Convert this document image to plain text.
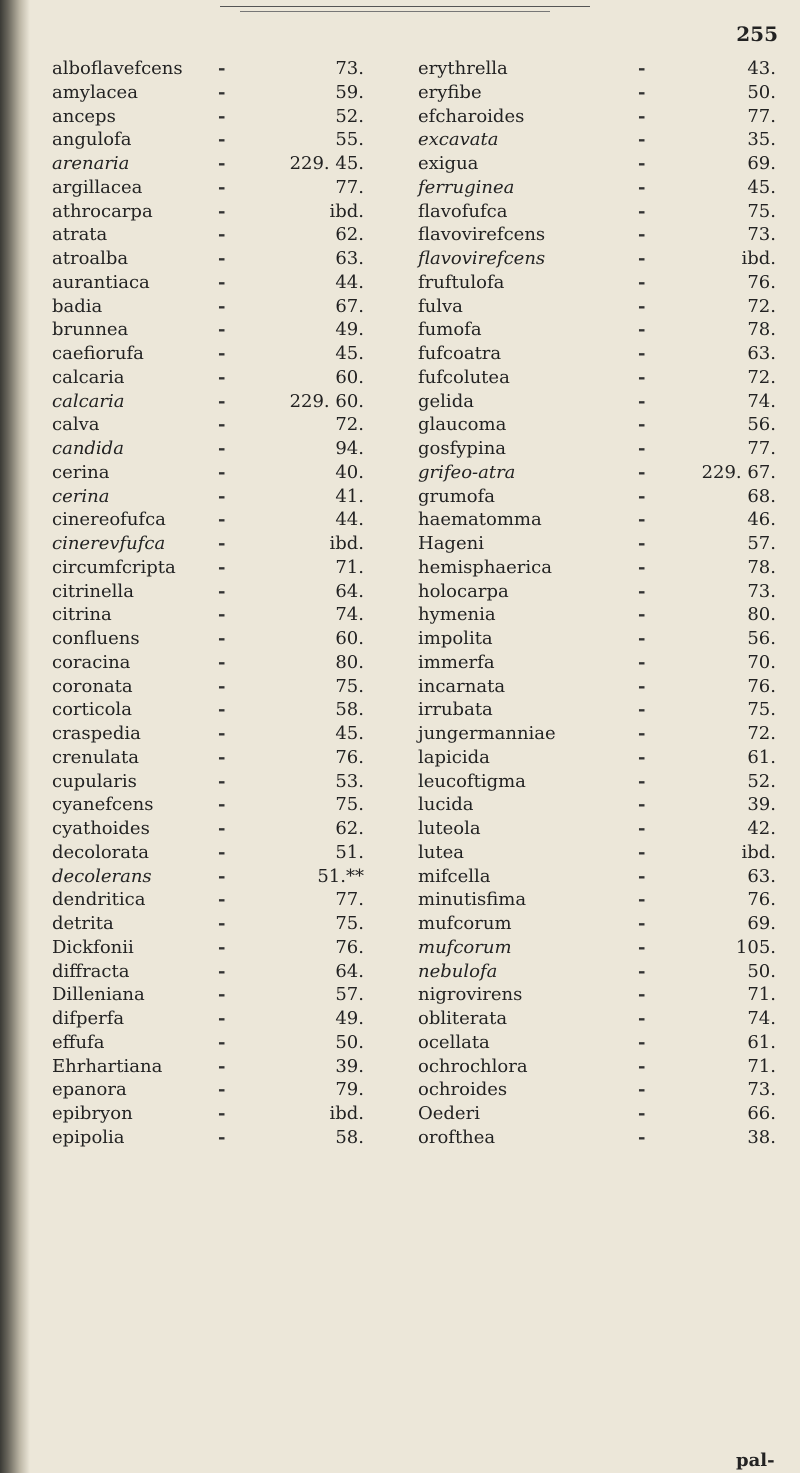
255
alboflavefcens -	73.
amylacea	-	59.
anceps	-	52.
angulofa	-	55.
arenaria	-	229. 45.
argillacea	-	77.
athrocarpa	-	ibd.
atrata	-	62.
atroalba	-	63.
aurantiaca	-	44.
badia	-	67.
brunnea	-	49.
caefiorufa	-	45.
calcaria	-	60.
calcaria	-	229. 60.
calva	-	72.
candida	-	94.
cerina	-	40.
cerina	-	41.
cinereofufca	-	44.
cinerevfufca	-	ibd.
circumfcripta -	71.
citrinella	-	64.
citrina	-	74.
confluens	-	60.
coracina	-	80.
coronata	-	75.
corticola	-	58.
craspedia	-	45.
crenulata	-	76.
cupularis	-	53.
cyanefcens	-	75.
cyathoides	-	62.
decolorata	-	51.
decolerans	-	51.**
dendritica	-	77.
detrita	-	75.
Dickfonii	-	76.
diffracta	-	64.
Dilleniana	-	57.
difperfa	-	49.
effufa	-	50.
Ehrhartiana	-	39.
epanora	-	79.
epibryon	-	ibd.
epipolia	-	58.
erythrella	-	43.
eryfibe	-	50.
efcharoides	-	77.
excavata	-	35.
exigua	-	69.
ferruginea	-	45.
flavofufca	-	75.
flavovirefcens	-	73.
flavovirefcens	-	ibd.
fruftulofa	-	76.
fulva	-	72.
fumofa	-	78.
fufcoatra	-	63.
fufcolutea	-	72.
gelida	-	74.
glaucoma	-	56.
gosfypina	-	77.
grifeo-atra	-	229. 67.
grumofa	-	68.
haematomma	-	46.
Hageni	-	57.
hemisphaerica	-	78.
holocarpa	-	73.
hymenia	-	80.
impolita	-	56.
immerfa	-	70.
incarnata	-	76.
irrubata	-	75.
jungermanniae	-	72.
lapicida	-	61.
leucoftigma	-	52.
lucida	-	39.
luteola	-	42.
lutea	-	ibd.
mifcella	-	63.
minutisfima	-	76.
mufcorum	-	69.
mufcorum	-	105.
nebulofa	-	50.
nigrovirens	-	71.
obliterata	-	74.
ocellata	-	61.
ochrochlora	-	71.
ochroides	-	73.
Oederi	-	66.
orofthea	-	38.
pal-
